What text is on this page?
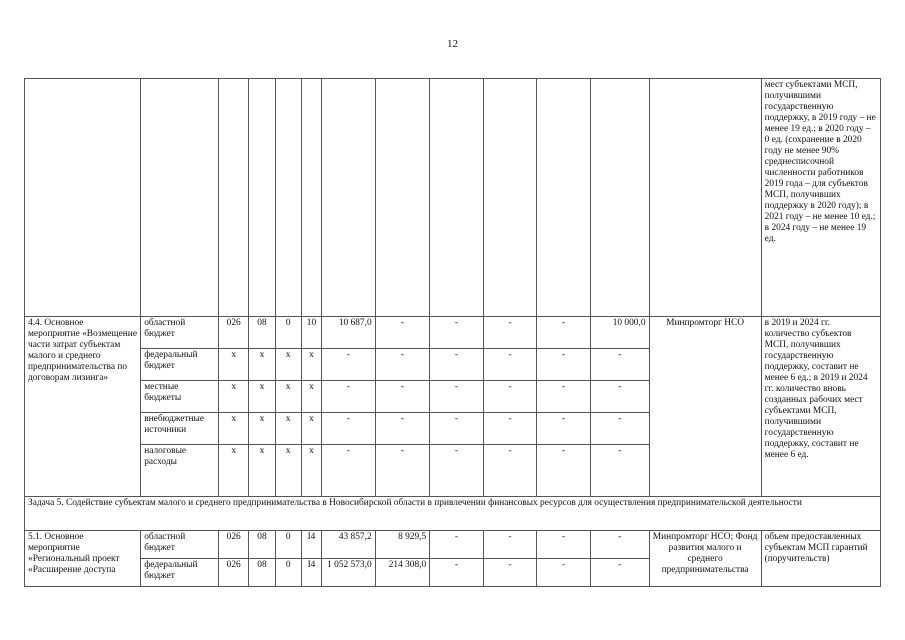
12
													мест субъектами МСП, получившими государственную поддержку, в 2019 году – не менее 19 ед.; в 2020 году – 0 ед. (сохранение в 2020 году не менее 90% среднесписочной численности работников 2019 года – для субъектов МСП, получивших поддержку в 2020 году); в 2021 году – не менее 10 ед.; в 2024 году – не менее 19 ед.
4.4. Основное мероприятие «Возмещение части затрат субъектам малого и среднего предпринимательства по договорам лизинга»	областной бюджет	026	08	0	10	10 687,0	-	-	-	-	10 000,0	Минпромторг НСО	в 2019 и 2024 гг. количество субъектов МСП, получивших государственную поддержку, составит не менее 6 ед.; в 2019 и 2024 гг. количество вновь созданных рабочих мест субъектами МСП, получившими государственную поддержку, составит не менее 6 ед.
	федеральный бюджет	х	х	х	х	-	-	-	-	-	-		
	местные бюджеты	х	х	х	х	-	-	-	-	-	-		
	внебюджетные источники	х	х	х	х	-	-	-	-	-	-		
	налоговые расходы	х	х	х	х	-	-	-	-	-	-		
Задача 5. Содействие субъектам малого и среднего предпринимательства в Новосибирской области в привлечении финансовых ресурсов для осуществления предпринимательской деятельности													
5.1. Основное мероприятие «Региональный проект «Расширение доступа	областной бюджет	026	08	0	I4	43 857,2	8 929,5	-	-	-	-	Минпромторг НСО; Фонд развития малого и среднего предпринимательства	объем предоставленных субъектам МСП гарантий (поручительств)
	федеральный бюджет	026	08	0	I4	1 052 573,0	214 308,0	-	-	-	-		
